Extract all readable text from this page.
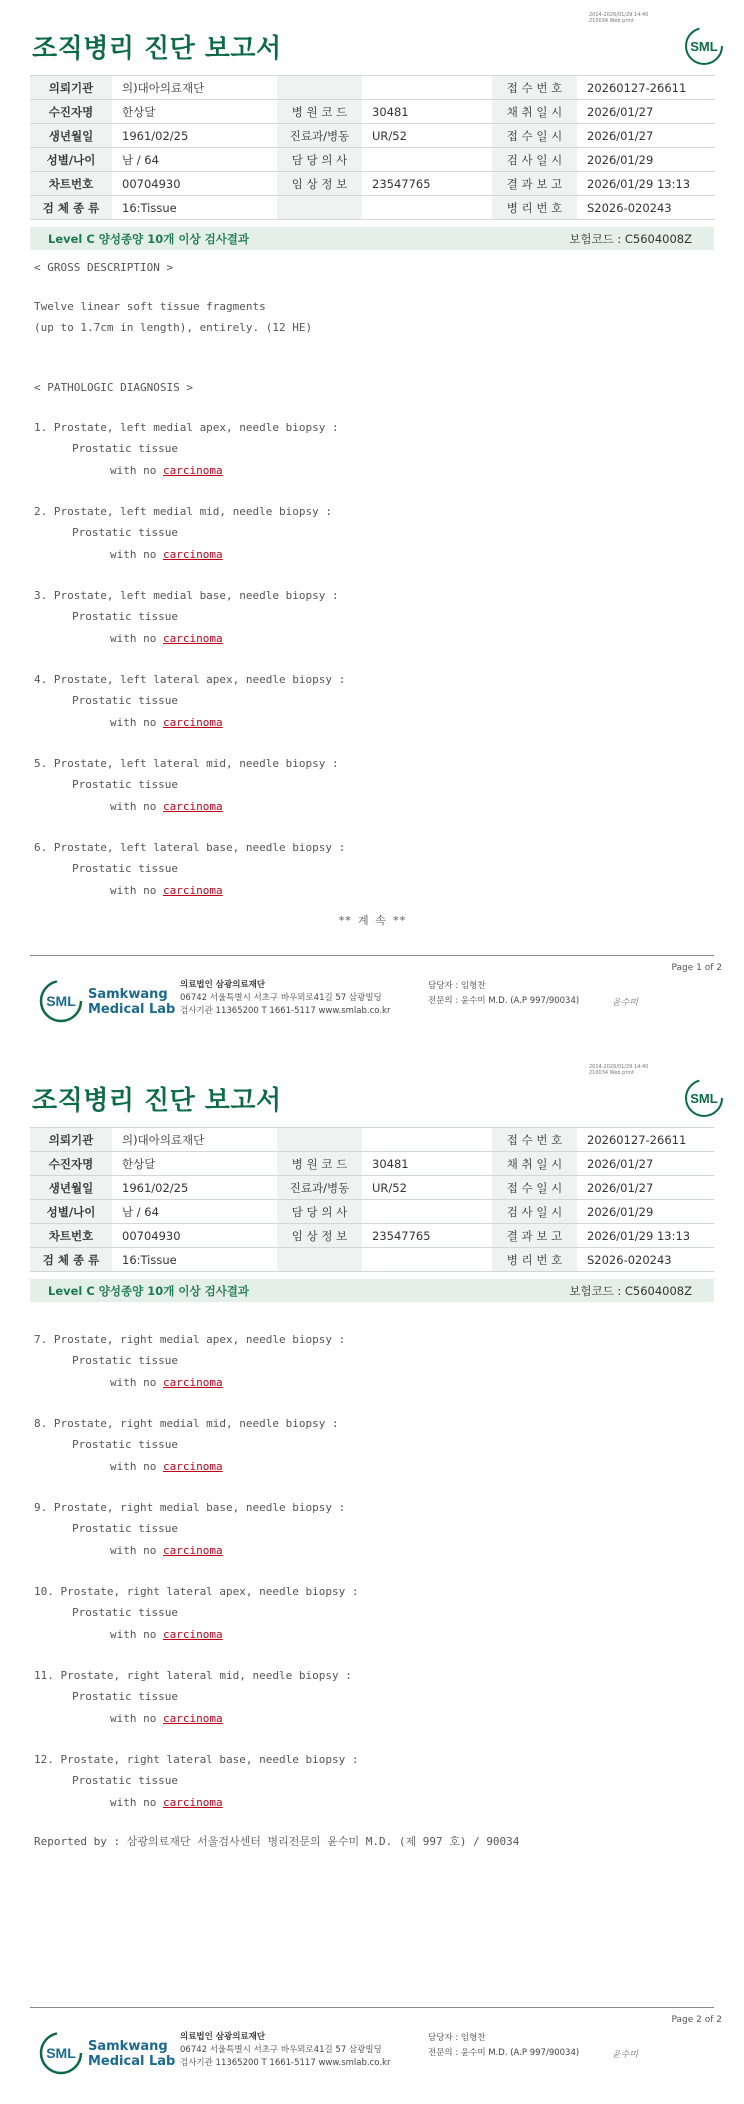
2014-2026/01/29 14:40
210034 Web print
조직병리 진단 보고서	SML
의뢰기관	의)대아의료재단			접 수 번 호	20260127-26611
수진자명	한상달	병 원 코 드	30481	채 취 일 시	2026/01/27
생년월일	1961/02/25	진료과/병동	UR/52	접 수 일 시	2026/01/27
성별/나이	남 / 64	담 당 의 사		검 사 일 시	2026/01/29
차트번호	00704930	임 상 정 보	23547765	결 과 보 고	2026/01/29 13:13
검 체 종 류	16:Tissue			병 리 번 호	S2026-020243
Level C 양성종양 10개 이상 검사결과	보험코드 : C5604008Z
< GROSS DESCRIPTION >
Twelve linear soft tissue fragments
(up to 1.7cm in length), entirely. (12 HE)
< PATHOLOGIC DIAGNOSIS >
1. Prostate, left medial apex, needle biopsy :
Prostatic tissue
with no carcinoma
2. Prostate, left medial mid, needle biopsy :
Prostatic tissue
with no carcinoma
3. Prostate, left medial base, needle biopsy :
Prostatic tissue
with no carcinoma
4. Prostate, left lateral apex, needle biopsy :
Prostatic tissue
with no carcinoma
5. Prostate, left lateral mid, needle biopsy :
Prostatic tissue
with no carcinoma
6. Prostate, left lateral base, needle biopsy :
Prostatic tissue
with no carcinoma
** 계 속 **
Page 1 of 2
SML Samkwang
Medical Lab
의료법인 삼광의료재단
06742 서울특별시 서초구 바우뫼로41길 57 삼광빌딩
검사기관 11365200 T 1661-5117 www.smlab.co.kr
담당자 : 임형찬
전문의 : 윤수미 M.D. (A.P 997/90034)	윤수미
2014-2026/01/29 14:40
210034 Web print
조직병리 진단 보고서	SML
의뢰기관	의)대아의료재단			접 수 번 호	20260127-26611
수진자명	한상달	병 원 코 드	30481	채 취 일 시	2026/01/27
생년월일	1961/02/25	진료과/병동	UR/52	접 수 일 시	2026/01/27
성별/나이	남 / 64	담 당 의 사		검 사 일 시	2026/01/29
차트번호	00704930	임 상 정 보	23547765	결 과 보 고	2026/01/29 13:13
검 체 종 류	16:Tissue			병 리 번 호	S2026-020243
Level C 양성종양 10개 이상 검사결과	보험코드 : C5604008Z
7. Prostate, right medial apex, needle biopsy :
Prostatic tissue
with no carcinoma
8. Prostate, right medial mid, needle biopsy :
Prostatic tissue
with no carcinoma
9. Prostate, right medial base, needle biopsy :
Prostatic tissue
with no carcinoma
10. Prostate, right lateral apex, needle biopsy :
Prostatic tissue
with no carcinoma
11. Prostate, right lateral mid, needle biopsy :
Prostatic tissue
with no carcinoma
12. Prostate, right lateral base, needle biopsy :
Prostatic tissue
with no carcinoma
Reported by : 삼광의료재단 서울검사센터 병리전문의 윤수미 M.D. (제 997 호) / 90034
Page 2 of 2
SML Samkwang
Medical Lab
의료법인 삼광의료재단
06742 서울특별시 서초구 바우뫼로41길 57 삼광빌딩
검사기관 11365200 T 1661-5117 www.smlab.co.kr
담당자 : 임형찬
전문의 : 윤수미 M.D. (A.P 997/90034)	윤수미
